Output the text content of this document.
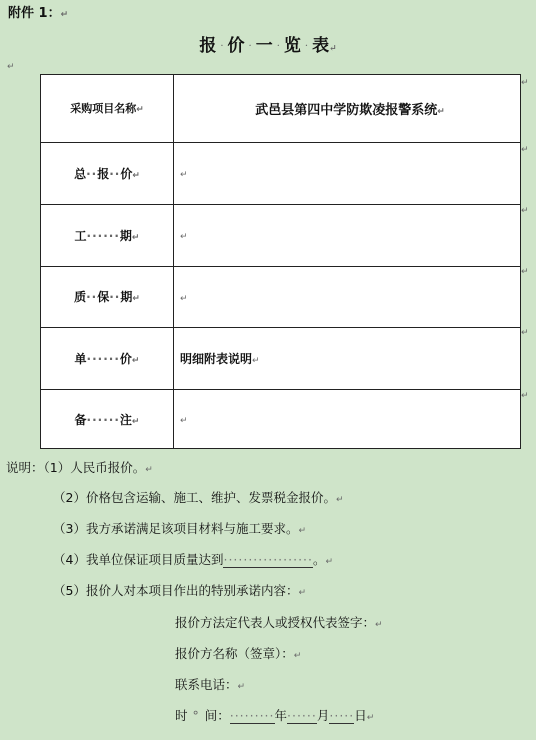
附件 1：↵
报 · 价 · 一 · 览 · 表↵
↵
采购项目名称↵	武邑县第四中学防欺凌报警系统↵

总··报··价↵	↵
工······期↵	↵
质··保··期↵	↵
单······价↵	明细附表说明↵
备······注↵	↵
↵
↵
↵
↵
↵
↵
说明：（1）人民币报价。↵
（2）价格包含运输、施工、维护、发票税金报价。↵
（3）我方承诺满足该项目材料与施工要求。↵
（4）我单位保证项目质量达到··················。↵
（5）报价人对本项目作出的特别承诺内容：↵
报价方法定代表人或授权代表签字：↵
报价方名称（签章）：↵
联系电话：↵
时 ° 间：·········年······月·····日↵
